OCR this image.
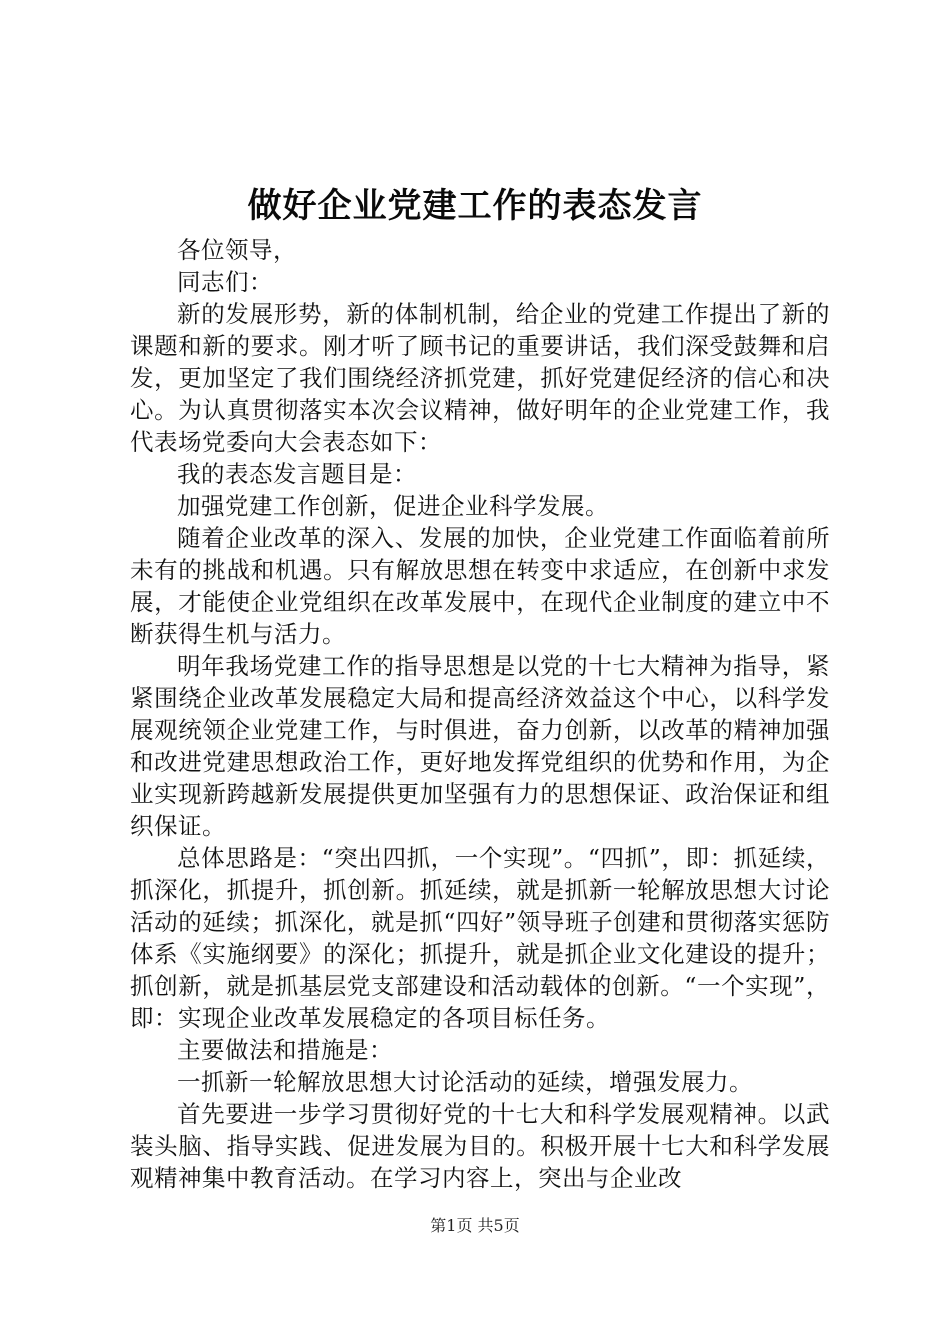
做好企业党建工作的表态发言

各位领导，

同志们：

新的发展形势，新的体制机制，给企业的党建工作提出了新的课题和新的要求。刚才听了顾书记的重要讲话，我们深受鼓舞和启发，更加坚定了我们围绕经济抓党建，抓好党建促经济的信心和决心。为认真贯彻落实本次会议精神，做好明年的企业党建工作，我代表场党委向大会表态如下：

我的表态发言题目是：

加强党建工作创新，促进企业科学发展。

随着企业改革的深入、发展的加快，企业党建工作面临着前所未有的挑战和机遇。只有解放思想在转变中求适应，在创新中求发展，才能使企业党组织在改革发展中，在现代企业制度的建立中不断获得生机与活力。

明年我场党建工作的指导思想是以党的十七大精神为指导，紧紧围绕企业改革发展稳定大局和提高经济效益这个中心，以科学发展观统领企业党建工作，与时俱进，奋力创新，以改革的精神加强和改进党建思想政治工作，更好地发挥党组织的优势和作用，为企业实现新跨越新发展提供更加坚强有力的思想保证、政治保证和组织保证。

总体思路是：“突出四抓，一个实现”。“四抓”，即：抓延续，抓深化，抓提升，抓创新。抓延续，就是抓新一轮解放思想大讨论活动的延续；抓深化，就是抓“四好”领导班子创建和贯彻落实惩防体系《实施纲要》的深化；抓提升，就是抓企业文化建设的提升；抓创新，就是抓基层党支部建设和活动载体的创新。“一个实现”，即：实现企业改革发展稳定的各项目标任务。

主要做法和措施是：

一抓新一轮解放思想大讨论活动的延续，增强发展力。

首先要进一步学习贯彻好党的十七大和科学发展观精神。以武装头脑、指导实践、促进发展为目的。积极开展十七大和科学发展观精神集中教育活动。在学习内容上，突出与企业改

第1页 共5页
